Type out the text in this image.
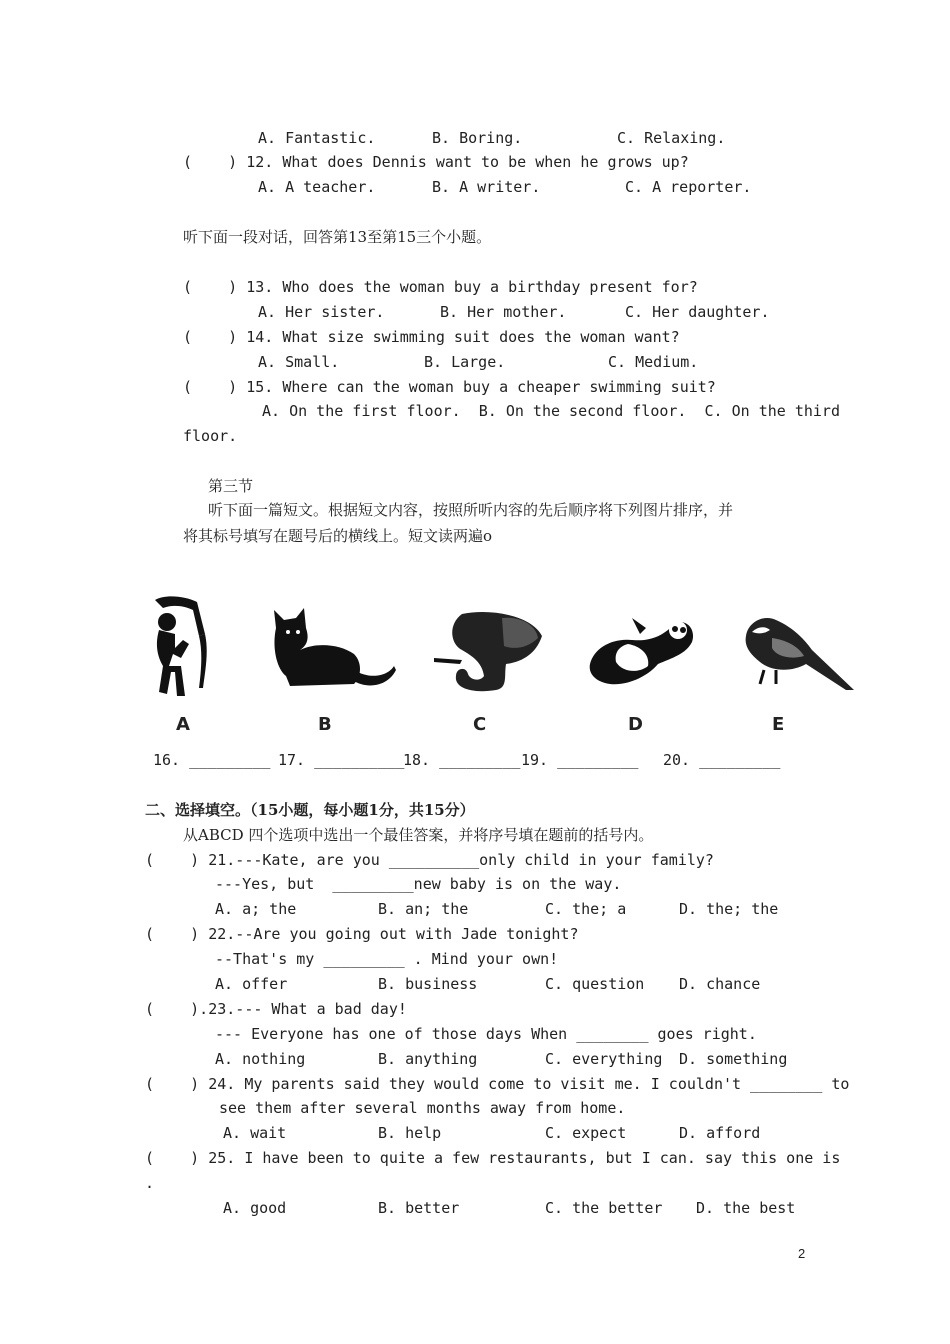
A. Fantastic.	B. Boring.	C. Relaxing.
(    ) 12. What does Dennis want to be when he grows up?
A. A teacher.	B. A writer.	C. A reporter.
听下面一段对话，回答第13至第15三个小题。
(    ) 13. Who does the woman buy a birthday present for?
A. Her sister.	B. Her mother.	C. Her daughter.
(    ) 14. What size swimming suit does the woman want?
A. Small.	B. Large.	C. Medium.
(    ) 15. Where can the woman buy a cheaper swimming suit?
A. On the first floor.  B. On the second floor.  C. On the third
floor.
第三节
听下面一篇短文。根据短文内容，按照所听内容的先后顺序将下列图片排序，并
将其标号填写在题号后的横线上。短文读两遍o
A	B	C	D	E
16. _________ 17. __________
18. _________ 19. _________ 20. _________
二、选择填空。（15小题，每小题1分，共15分）
从ABCD 四个选项中选出一个最佳答案，并将序号填在题前的括号内。
(    ) 21.---Kate, are you __________only child in your family?
---Yes, but  _________new baby is on the way.
A. a; the	B. an; the	C. the; a	D. the; the
(    ) 22.--Are you going out with Jade tonight?
--That's my _________ . Mind your own!
A. offer	B. business	C. question D. chance
(    ).23.--- What a bad day!
--- Everyone has one of those days When ________ goes right.
A. nothing	B. anything	C. everything D. something
(    ) 24. My parents said they would come to visit me. I couldn't ________ to
see them after several months away from home.
A. wait	B. help	C. expect	D. afford
(    ) 25. I have been to quite a few restaurants, but I can. say this one is
.
A. good	B. better	C. the better D. the best
2
